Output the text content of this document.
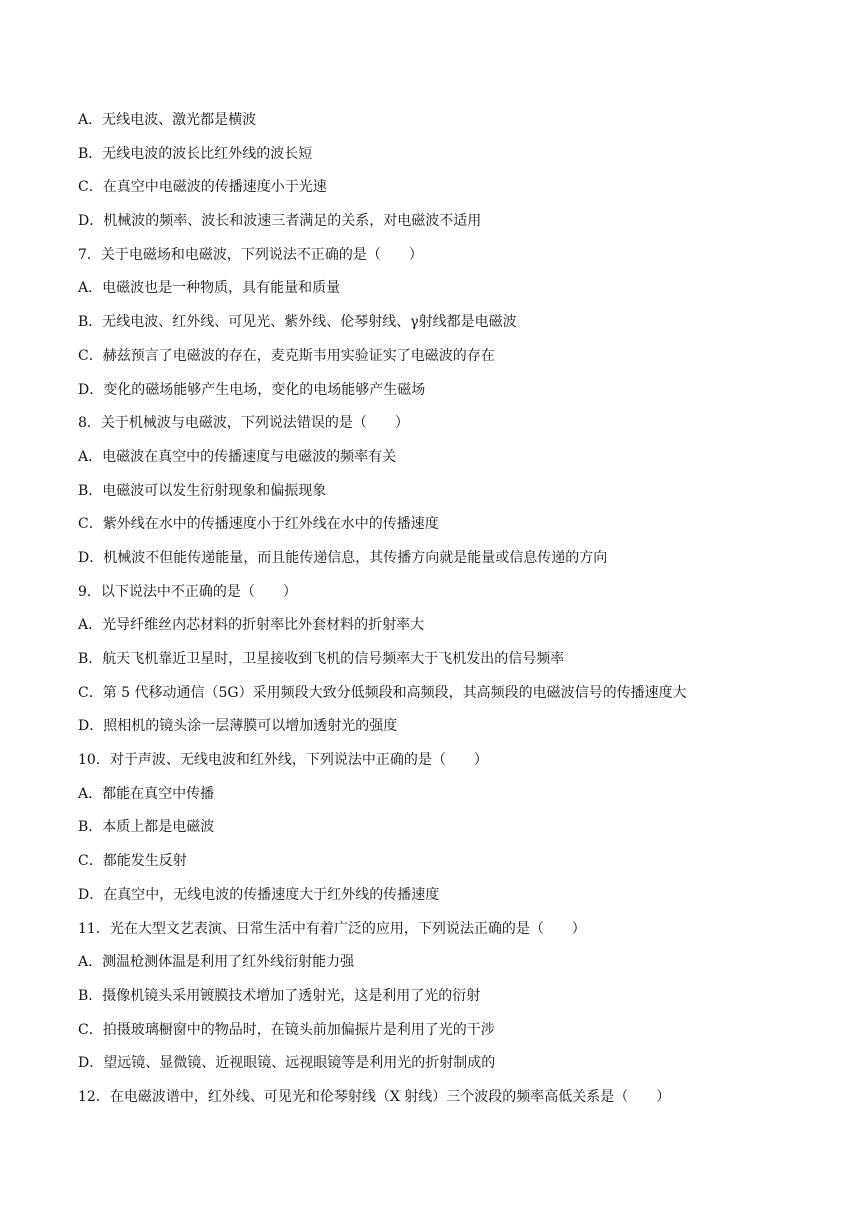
A．无线电波、激光都是横波
B．无线电波的波长比红外线的波长短
C．在真空中电磁波的传播速度小于光速
D．机械波的频率、波长和波速三者满足的关系，对电磁波不适用
7．关于电磁场和电磁波，下列说法不正确的是（　　）
A．电磁波也是一种物质，具有能量和质量
B．无线电波、红外线、可见光、紫外线、伦琴射线、γ射线都是电磁波
C．赫兹预言了电磁波的存在，麦克斯韦用实验证实了电磁波的存在
D．变化的磁场能够产生电场，变化的电场能够产生磁场
8．关于机械波与电磁波，下列说法错误的是（　　）
A．电磁波在真空中的传播速度与电磁波的频率有关
B．电磁波可以发生衍射现象和偏振现象
C．紫外线在水中的传播速度小于红外线在水中的传播速度
D．机械波不但能传递能量，而且能传递信息，其传播方向就是能量或信息传递的方向
9．以下说法中不正确的是（　　）
A．光导纤维丝内芯材料的折射率比外套材料的折射率大
B．航天飞机靠近卫星时，卫星接收到飞机的信号频率大于飞机发出的信号频率
C．第 5 代移动通信（5G）采用频段大致分低频段和高频段，其高频段的电磁波信号的传播速度大
D．照相机的镜头涂一层薄膜可以增加透射光的强度
10．对于声波、无线电波和红外线，下列说法中正确的是（　　）
A．都能在真空中传播
B．本质上都是电磁波
C．都能发生反射
D．在真空中，无线电波的传播速度大于红外线的传播速度
11．光在大型文艺表演、日常生活中有着广泛的应用，下列说法正确的是（　　）
A．测温枪测体温是利用了红外线衍射能力强
B．摄像机镜头采用镀膜技术增加了透射光，这是利用了光的衍射
C．拍摄玻璃橱窗中的物品时，在镜头前加偏振片是利用了光的干涉
D．望远镜、显微镜、近视眼镜、远视眼镜等是利用光的折射制成的
12．在电磁波谱中，红外线、可见光和伦琴射线（X 射线）三个波段的频率高低关系是（　　）
